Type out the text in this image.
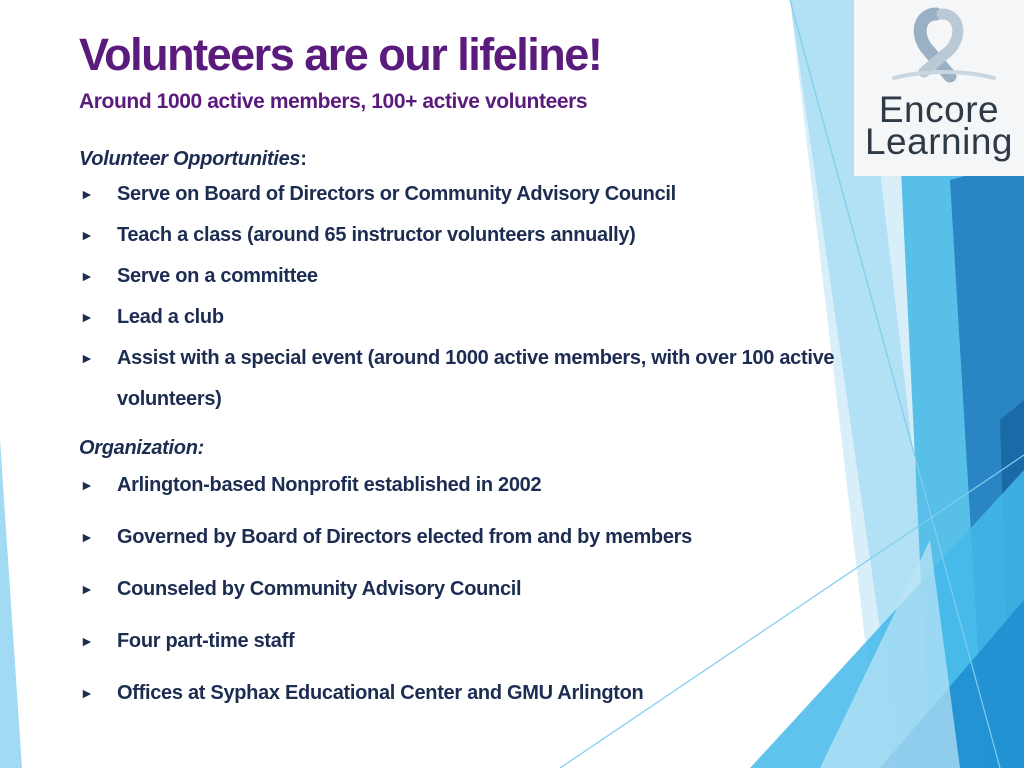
Volunteers are our lifeline!
Around 1000 active members, 100+ active volunteers
Volunteer Opportunities:
► Serve on Board of Directors or Community Advisory Council
► Teach a class (around 65 instructor volunteers annually)
► Serve on a committee
► Lead a club
► Assist with a special event (around 1000 active members, with over 100 active volunteers)
Organization:
► Arlington-based Nonprofit established in 2002
► Governed by Board of Directors elected from and by members
► Counseled by Community Advisory Council
► Four part-time staff
► Offices at Syphax Educational Center and GMU Arlington
Encore
Learning
